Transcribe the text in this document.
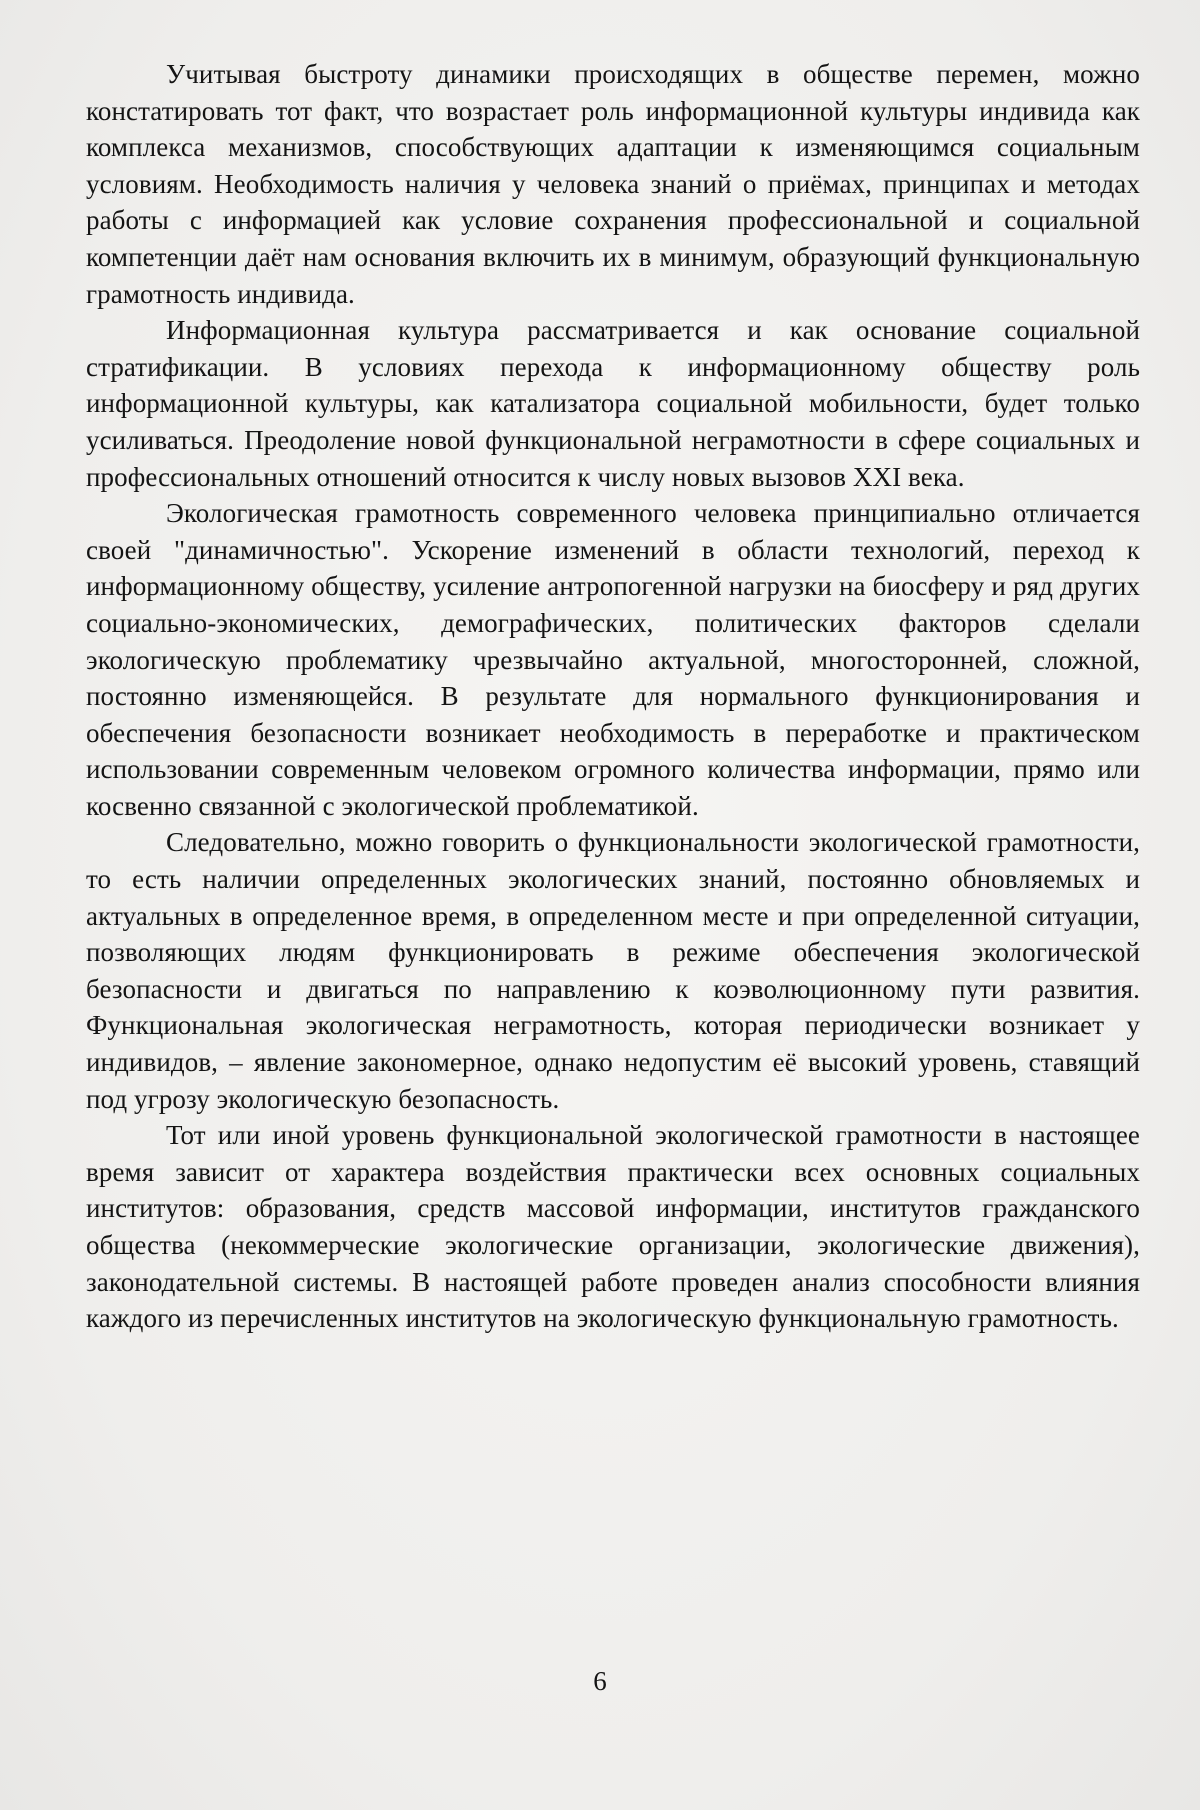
Учитывая быстроту динамики происходящих в обществе перемен, можно констатировать тот факт, что возрастает роль информационной культуры индивида как комплекса механизмов, способствующих адаптации к изменяющимся социальным условиям. Необходимость наличия у человека знаний о приёмах, принципах и методах работы с информацией как условие сохранения профессиональной и социальной компетенции даёт нам основания включить их в минимум, образующий функциональную грамотность индивида.

Информационная культура рассматривается и как основание социальной стратификации. В условиях перехода к информационному обществу роль информационной культуры, как катализатора социальной мобильности, будет только усиливаться. Преодоление новой функциональной неграмотности в сфере социальных и профессиональных отношений относится к числу новых вызовов XXI века.

Экологическая грамотность современного человека принципиально отличается своей "динамичностью". Ускорение изменений в области технологий, переход к информационному обществу, усиление антропогенной нагрузки на биосферу и ряд других социально-экономических, демографических, политических факторов сделали экологическую проблематику чрезвычайно актуальной, многосторонней, сложной, постоянно изменяющейся. В результате для нормального функционирования и обеспечения безопасности возникает необходимость в переработке и практическом использовании современным человеком огромного количества информации, прямо или косвенно связанной с экологической проблематикой.

Следовательно, можно говорить о функциональности экологической грамотности, то есть наличии определенных экологических знаний, постоянно обновляемых и актуальных в определенное время, в определенном месте и при определенной ситуации, позволяющих людям функционировать в режиме обеспечения экологической безопасности и двигаться по направлению к коэволюционному пути развития. Функциональная экологическая неграмотность, которая периодически возникает у индивидов, – явление закономерное, однако недопустим её высокий уровень, ставящий под угрозу экологическую безопасность.

Тот или иной уровень функциональной экологической грамотности в настоящее время зависит от характера воздействия практически всех основных социальных институтов: образования, средств массовой информации, институтов гражданского общества (некоммерческие экологические организации, экологические движения), законодательной системы. В настоящей работе проведен анализ способности влияния каждого из перечисленных институтов на экологическую функциональную грамотность.

6
